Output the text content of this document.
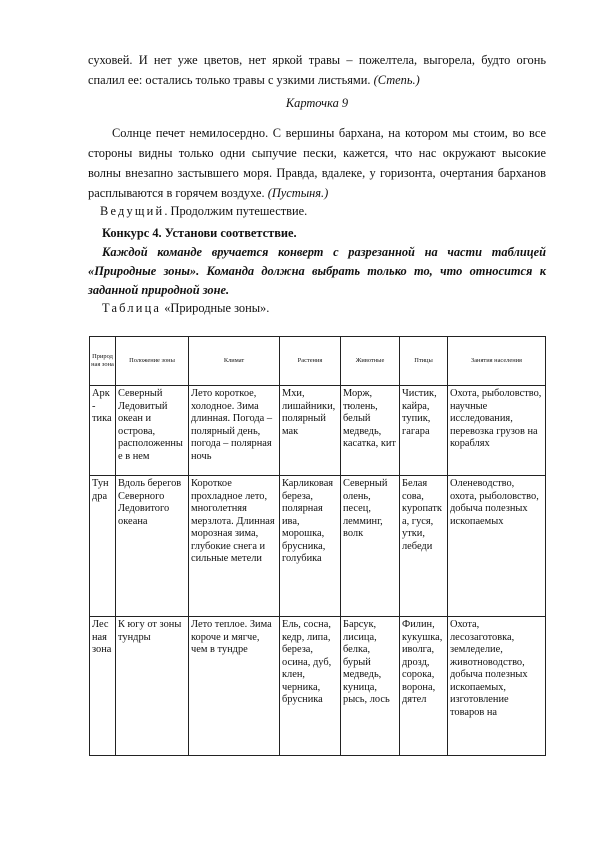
суховей. И нет уже цветов, нет яркой травы – пожелтела, выгорела, будто огонь спалил ее: остались только травы с узкими листьями. (Степь.)

Карточка 9

Солнце печет немилосердно. С вершины бархана, на котором мы стоим, во все стороны видны только одни сыпучие пески, кажется, что нас окружают высокие волны внезапно застывшего моря. Правда, вдалеке, у горизонта, очертания барханов расплываются в горячем воздухе. (Пустыня.)

Ведущий. Продолжим путешествие.
Конкурс 4. Установи соответствие.
Каждой команде вручается конверт с разрезанной на части таблицей «Природные зоны». Команда должна выбрать только то, что относится к заданной природной зоне.
Таблица «Природные зоны».
Природная зона	Положение зоны	Климат	Растения	Животные	Птицы	Занятия населения
Арк - тика	Северный Ледовитый океан и острова, расположенные в нем	Лето короткое, холодное. Зима длинная. Погода – полярный день, погода – полярная ночь	Мхи, лишайники, полярный мак	Морж, тюлень, белый медведь, касатка, кит	Чистик, кайра, тупик, гагара	Охота, рыболовство, научные исследования, перевозка грузов на кораблях
Тун дра	Вдоль берегов Северного Ледовитого океана	Короткое прохладное лето, многолетняя мерзлота. Длинная морозная зима, глубокие снега и сильные метели	Карликовая береза, полярная ива, морошка, брусника, голубика	Северный олень, песец, лемминг, волк	Белая сова, куропатка, гуся, утки, лебеди	Оленеводство, охота, рыболовство, добыча полезных ископаемых
Лес ная зона	К югу от зоны тундры	Лето теплое. Зима короче и мягче, чем в тундре	Ель, сосна, кедр, липа, береза, осина, дуб, клен, черника, брусника	Барсук, лисица, белка, бурый медведь, куница, рысь, лось	Филин, кукушка, иволга, дрозд, сорока, ворона, дятел	Охота, лесозаготовка, земледелие, животноводство, добыча полезных ископаемых, изготовление товаров на
